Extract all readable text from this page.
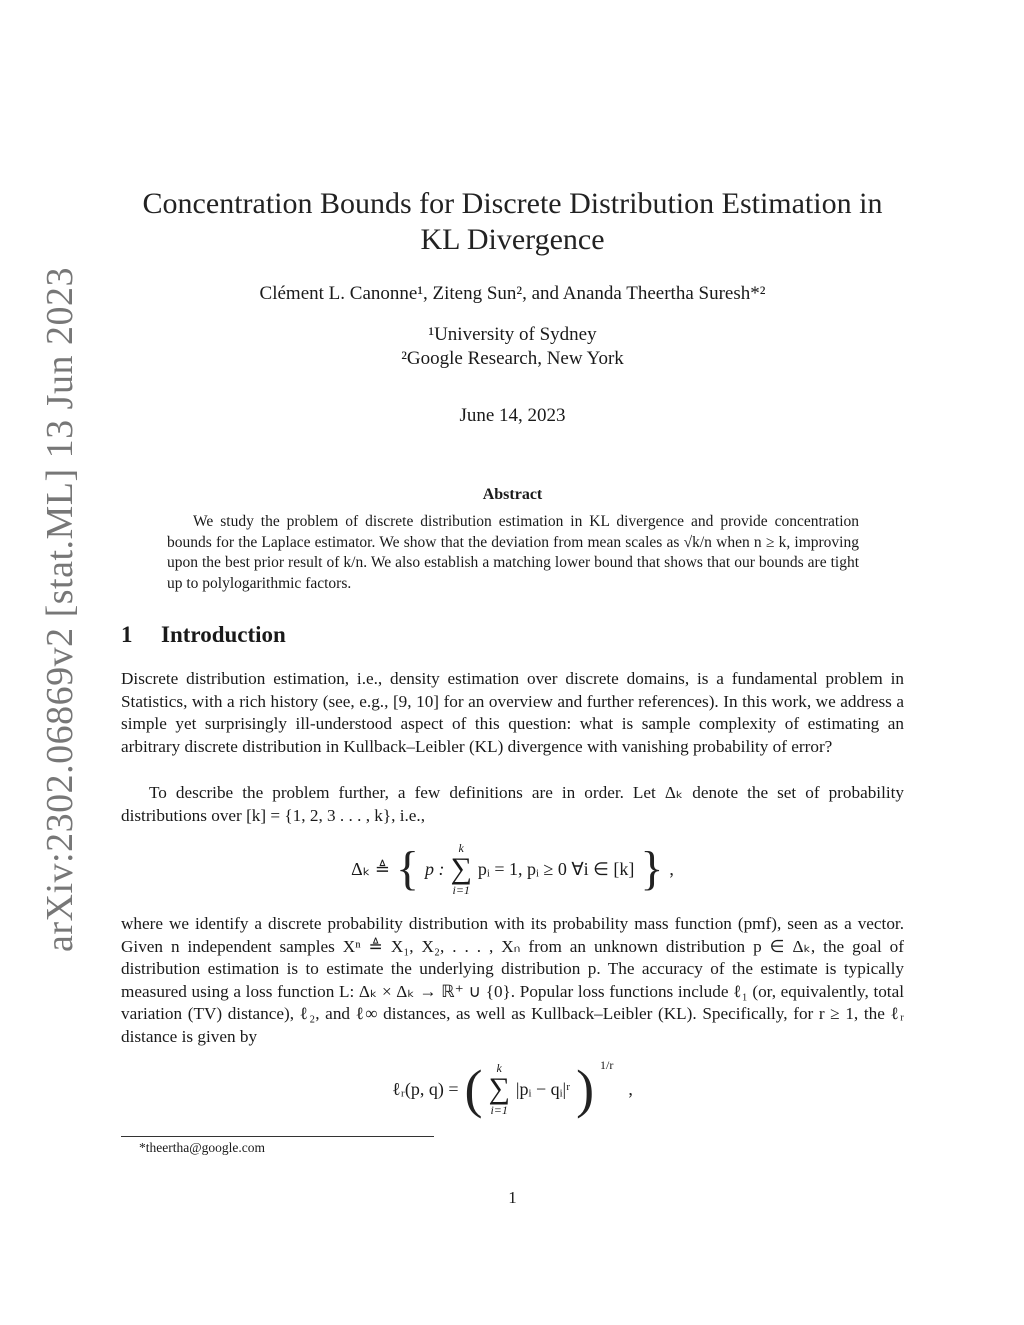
arXiv:2302.06869v2 [stat.ML] 13 Jun 2023
Concentration Bounds for Discrete Distribution Estimation in KL Divergence
Clément L. Canonne¹, Ziteng Sun², and Ananda Theertha Suresh*²
¹University of Sydney
²Google Research, New York
June 14, 2023
Abstract

We study the problem of discrete distribution estimation in KL divergence and provide concentration bounds for the Laplace estimator. We show that the deviation from mean scales as √k/n when n ≥ k, improving upon the best prior result of k/n. We also establish a matching lower bound that shows that our bounds are tight up to polylogarithmic factors.

1 Introduction

Discrete distribution estimation, i.e., density estimation over discrete domains, is a fundamental problem in Statistics, with a rich history (see, e.g., [9, 10] for an overview and further references). In this work, we address a simple yet surprisingly ill-understood aspect of this question: what is sample complexity of estimating an arbitrary discrete distribution in Kullback–Leibler (KL) divergence with vanishing probability of error?

To describe the problem further, a few definitions are in order. Let Δₖ denote the set of probability distributions over [k] = {1, 2, 3 . . . , k}, i.e.,

Δₖ ≜ { p :
k
∑
i=1
pᵢ = 1, pᵢ ≥ 0 ∀i ∈ [k] } ,

where we identify a discrete probability distribution with its probability mass function (pmf), seen as a vector. Given n independent samples Xⁿ ≜ X₁, X₂, . . . , Xₙ from an unknown distribution p ∈ Δₖ, the goal of distribution estimation is to estimate the underlying distribution p. The accuracy of the estimate is typically measured using a loss function L: Δₖ × Δₖ → ℝ⁺ ∪ {0}. Popular loss functions include ℓ₁ (or, equivalently, total variation (TV) distance), ℓ₂, and ℓ∞ distances, as well as Kullback–Leibler (KL). Specifically, for r ≥ 1, the ℓᵣ distance is given by

ℓᵣ(p, q) = ( k
∑
i=1
|pᵢ − qᵢ|ʳ ) $^{1/r}$
,
*theertha@google.com
1
